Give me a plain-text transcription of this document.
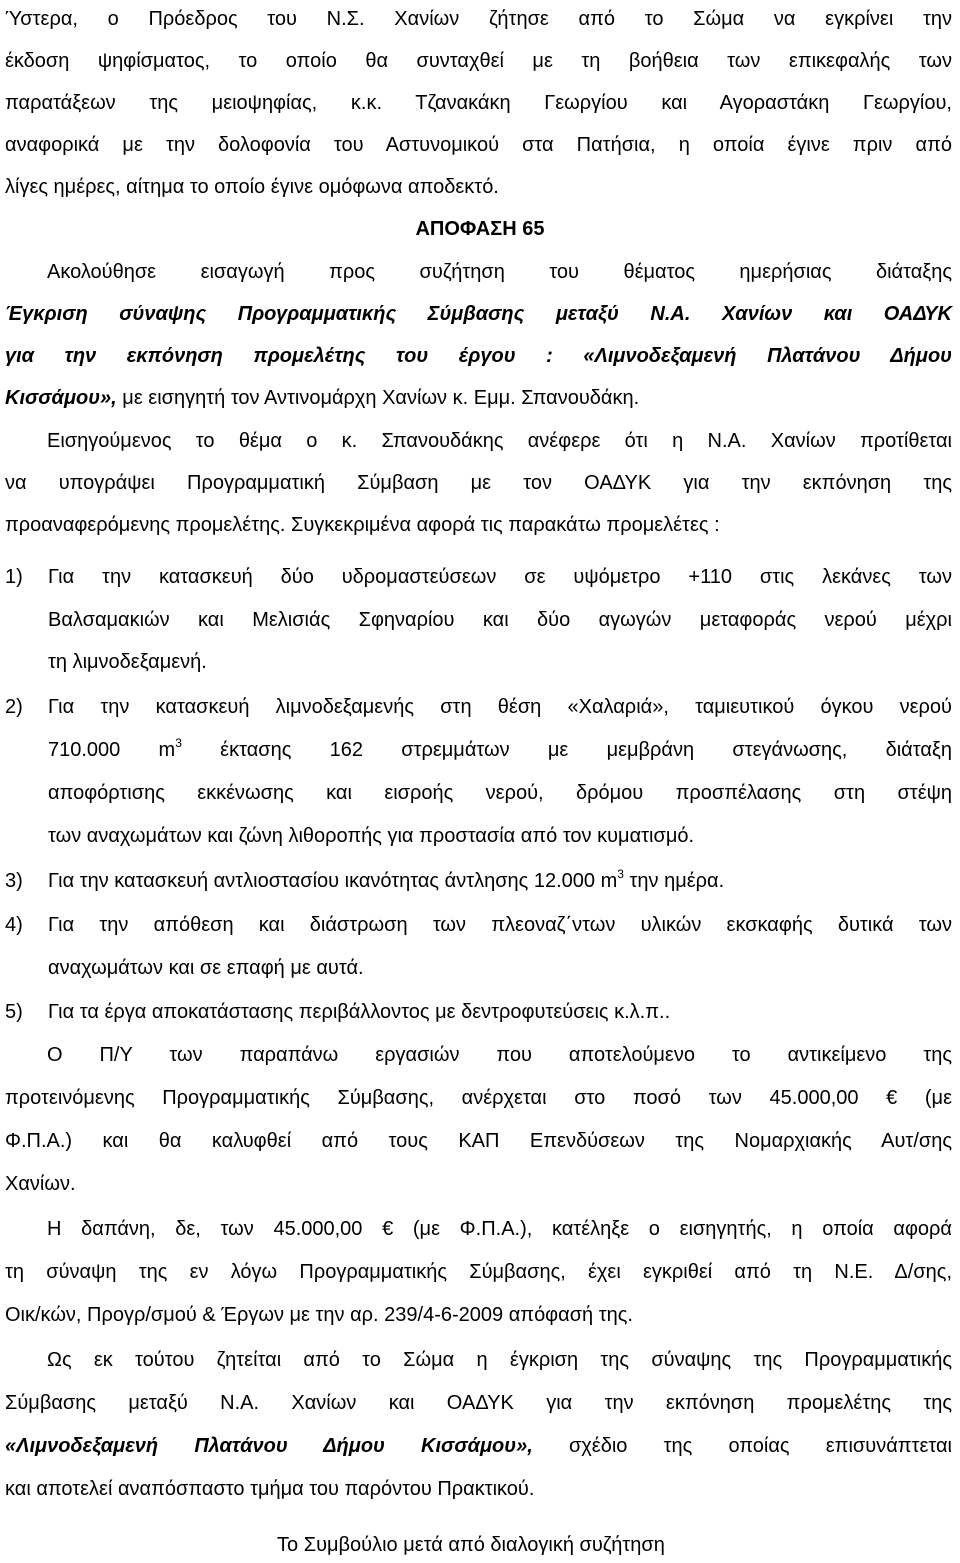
Ύστερα, ο Πρόεδρος του Ν.Σ. Χανίων ζήτησε από το Σώμα να εγκρίνει την
έκδοση ψηφίσματος, το οποίο θα συνταχθεί με τη βοήθεια των επικεφαλής των
παρατάξεων της μειοψηφίας, κ.κ. Τζανακάκη Γεωργίου και Αγοραστάκη Γεωργίου,
αναφορικά με την δολοφονία του Αστυνομικού στα Πατήσια, η οποία έγινε πριν από
λίγες ημέρες, αίτημα το οποίο έγινε ομόφωνα αποδεκτό.
ΑΠΟΦΑΣΗ 65
Ακολούθησε εισαγωγή προς συζήτηση του θέματος ημερήσιας διάταξης
Έγκριση σύναψης Προγραμματικής Σύμβασης μεταξύ Ν.Α. Χανίων και ΟΑΔΥΚ
για την εκπόνηση προμελέτης του έργου : «Λιμνοδεξαμενή Πλατάνου Δήμου
Κισσάμου», με εισηγητή τον Αντινομάρχη Χανίων κ. Εμμ. Σπανουδάκη.
Εισηγούμενος το θέμα ο κ. Σπανουδάκης ανέφερε ότι η Ν.Α. Χανίων προτίθεται
να υπογράψει Προγραμματική Σύμβαση με τον ΟΑΔΥΚ για την εκπόνηση της
προαναφερόμενης προμελέτης. Συγκεκριμένα αφορά τις παρακάτω προμελέτες :
1) Για την κατασκευή δύο υδρομαστεύσεων σε υψόμετρο +110 στις λεκάνες των
Βαλσαμακιών και Μελισιάς Σφηναρίου και δύο αγωγών μεταφοράς νερού μέχρι
τη λιμνοδεξαμενή.
2) Για την κατασκευή λιμνοδεξαμενής στη θέση «Χαλαριά», ταμιευτικού όγκου νερού
710.000 $m^3$ έκτασης 162 στρεμμάτων με μεμβράνη στεγάνωσης, διάταξη
αποφόρτισης εκκένωσης και εισροής νερού, δρόμου προσπέλασης στη στέψη
των αναχωμάτων και ζώνη λιθοροπής για προστασία από τον κυματισμό.
3) Για την κατασκευή αντλιοστασίου ικανότητας άντλησης 12.000 $m^3$ την ημέρα.
4) Για την απόθεση και διάστρωση των πλεοναζ΄ντων υλικών εκσκαφής δυτικά των
αναχωμάτων και σε επαφή με αυτά.
5) Για τα έργα αποκατάστασης περιβάλλοντος με δεντροφυτεύσεις κ.λ.π..
Ο Π/Υ των παραπάνω εργασιών που αποτελούμενο το αντικείμενο της
προτεινόμενης Προγραμματικής Σύμβασης, ανέρχεται στο ποσό των 45.000,00 € (με
Φ.Π.Α.) και θα καλυφθεί από τους ΚΑΠ Επενδύσεων της Νομαρχιακής Αυτ/σης
Χανίων.
Η δαπάνη, δε, των 45.000,00 € (με Φ.Π.Α.), κατέληξε ο εισηγητής, η οποία αφορά
τη σύναψη της εν λόγω Προγραμματικής Σύμβασης, έχει εγκριθεί από τη Ν.Ε. Δ/σης,
Οικ/κών, Προγρ/σμού & Έργων με την αρ. 239/4-6-2009 απόφασή της.
Ως εκ τούτου ζητείται από το Σώμα η έγκριση της σύναψης της Προγραμματικής
Σύμβασης μεταξύ Ν.Α. Χανίων και ΟΑΔΥΚ για την εκπόνηση προμελέτης της
«Λιμνοδεξαμενή Πλατάνου Δήμου Κισσάμου», σχέδιο της οποίας επισυνάπτεται
και αποτελεί αναπόσπαστο τμήμα του παρόντου Πρακτικού.
Το Συμβούλιο μετά από διαλογική συζήτηση
